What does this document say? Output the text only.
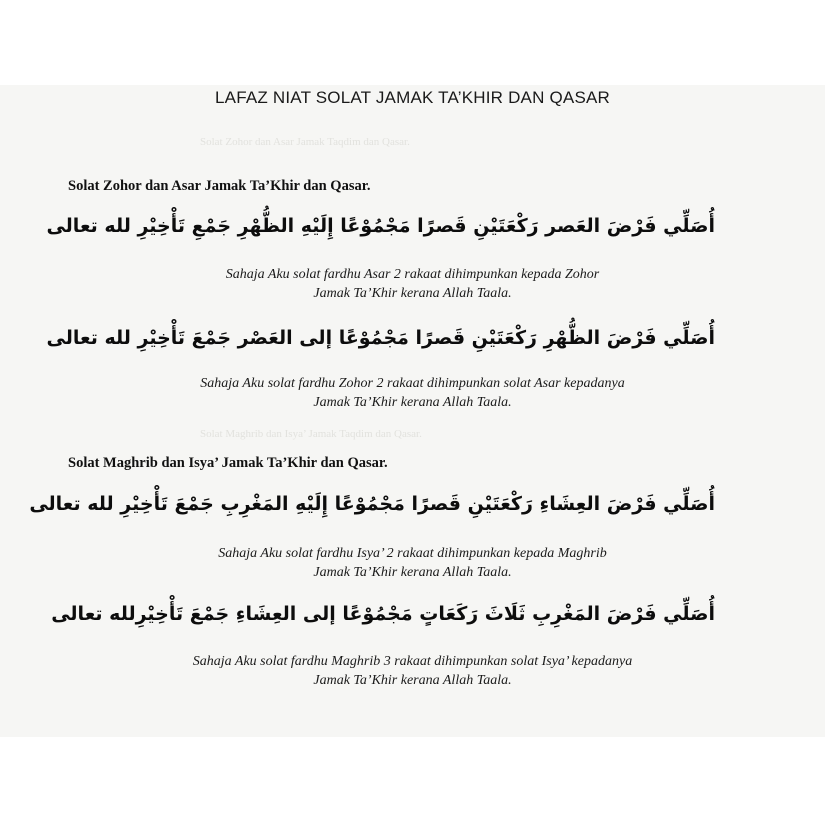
Solat Zohor dan Asar Jamak Taqdim dan Qasar.
Solat Maghrib dan Isya’ Jamak Taqdim dan Qasar.
LAFAZ NIAT SOLAT JAMAK TA’KHIR DAN QASAR
Solat Zohor dan Asar Jamak Ta’Khir dan Qasar.
أُصَلِّي فَرْضَ العَصر رَكْعَتَيْنِ قَصرًا مَجْمُوْعًا إِلَيْهِ الظُّهْرِ جَمْعِ تَأْخِيْرِ لله تعالى
Sahaja Aku solat fardhu Asar 2 rakaat dihimpunkan kepada Zohor
Jamak Ta’Khir kerana Allah Taala.
أُصَلِّي فَرْضَ الظُّهْرِ رَكْعَتَيْنِ قَصرًا مَجْمُوْعًا إلى العَصْر جَمْعَ تَأْخِيْرِ لله تعالى
Sahaja Aku solat fardhu Zohor 2 rakaat dihimpunkan solat Asar kepadanya
Jamak Ta’Khir kerana Allah Taala.
Solat Maghrib dan Isya’ Jamak Ta’Khir dan Qasar.
أُصَلِّي فَرْضَ العِشَاءِ رَكْعَتَيْنِ قَصرًا مَجْمُوْعًا إِلَيْهِ المَغْرِبِ جَمْعَ تَأْخِيْرِ لله تعالى
Sahaja Aku solat fardhu Isya’ 2 rakaat dihimpunkan kepada Maghrib
Jamak Ta’Khir kerana Allah Taala.
أُصَلِّي فَرْضَ المَغْرِبِ ثَلَاثَ رَكَعَاتٍ مَجْمُوْعًا إلى العِشَاءِ جَمْعَ تَأْخِيْرِلله تعالى
Sahaja Aku solat fardhu Maghrib 3 rakaat dihimpunkan solat Isya’ kepadanya
Jamak Ta’Khir kerana Allah Taala.
